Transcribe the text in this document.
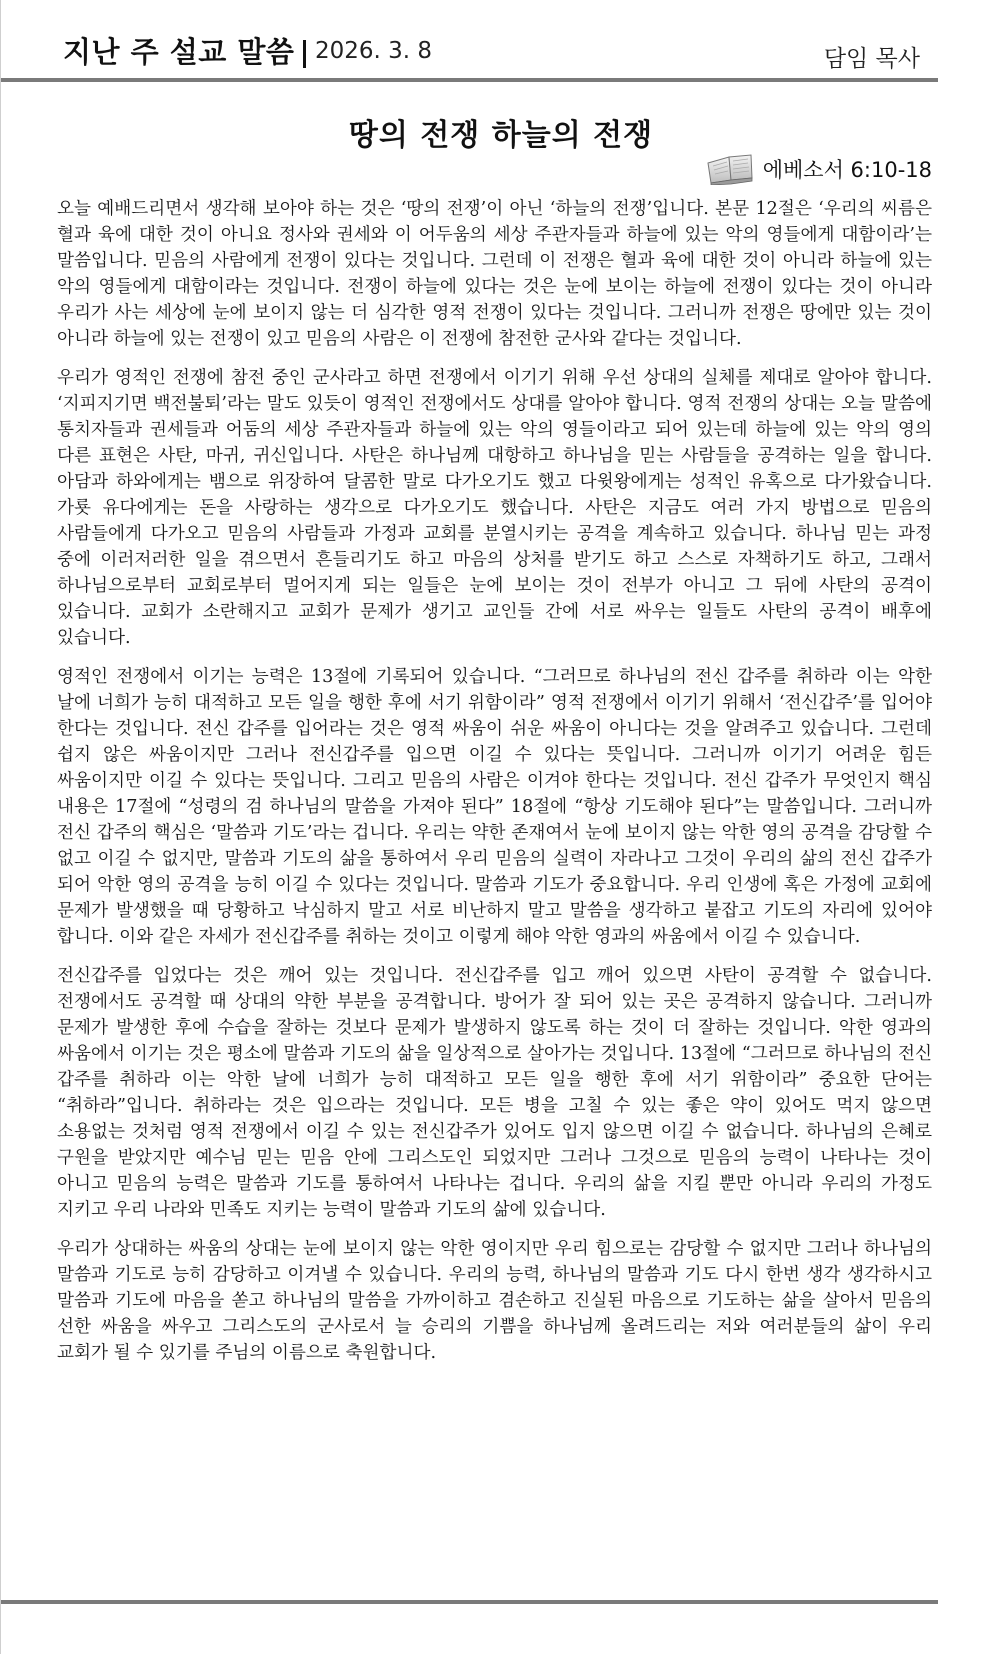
지난 주 설교 말씀 2026. 3. 8	담임 목사
땅의 전쟁 하늘의 전쟁
에베소서 6:10-18

오늘 예배드리면서 생각해 보아야 하는 것은 ‘땅의 전쟁’이 아닌 ‘하늘의 전쟁’입니다. 본문 12절은 ‘우리의 씨름은 혈과 육에 대한 것이 아니요 정사와 권세와 이 어두움의 세상 주관자들과 하늘에 있는 악의 영들에게 대함이라’는 말씀입니다. 믿음의 사람에게 전쟁이 있다는 것입니다. 그런데 이 전쟁은 혈과 육에 대한 것이 아니라 하늘에 있는 악의 영들에게 대함이라는 것입니다. 전쟁이 하늘에 있다는 것은 눈에 보이는 하늘에 전쟁이 있다는 것이 아니라 우리가 사는 세상에 눈에 보이지 않는 더 심각한 영적 전쟁이 있다는 것입니다. 그러니까 전쟁은 땅에만 있는 것이 아니라 하늘에 있는 전쟁이 있고 믿음의 사람은 이 전쟁에 참전한 군사와 같다는 것입니다.

우리가 영적인 전쟁에 참전 중인 군사라고 하면 전쟁에서 이기기 위해 우선 상대의 실체를 제대로 알아야 합니다. ‘지피지기면 백전불퇴’라는 말도 있듯이 영적인 전쟁에서도 상대를 알아야 합니다. 영적 전쟁의 상대는 오늘 말씀에 통치자들과 권세들과 어둠의 세상 주관자들과 하늘에 있는 악의 영들이라고 되어 있는데 하늘에 있는 악의 영의 다른 표현은 사탄, 마귀, 귀신입니다. 사탄은 하나님께 대항하고 하나님을 믿는 사람들을 공격하는 일을 합니다. 아담과 하와에게는 뱀으로 위장하여 달콤한 말로 다가오기도 했고 다윗왕에게는 성적인 유혹으로 다가왔습니다. 가룟 유다에게는 돈을 사랑하는 생각으로 다가오기도 했습니다. 사탄은 지금도 여러 가지 방법으로 믿음의 사람들에게 다가오고 믿음의 사람들과 가정과 교회를 분열시키는 공격을 계속하고 있습니다. 하나님 믿는 과정 중에 이러저러한 일을 겪으면서 흔들리기도 하고 마음의 상처를 받기도 하고 스스로 자책하기도 하고, 그래서 하나님으로부터 교회로부터 멀어지게 되는 일들은 눈에 보이는 것이 전부가 아니고 그 뒤에 사탄의 공격이 있습니다. 교회가 소란해지고 교회가 문제가 생기고 교인들 간에 서로 싸우는 일들도 사탄의 공격이 배후에 있습니다.

영적인 전쟁에서 이기는 능력은 13절에 기록되어 있습니다. “그러므로 하나님의 전신 갑주를 취하라 이는 악한 날에 너희가 능히 대적하고 모든 일을 행한 후에 서기 위함이라” 영적 전쟁에서 이기기 위해서 ‘전신갑주’를 입어야 한다는 것입니다. 전신 갑주를 입어라는 것은 영적 싸움이 쉬운 싸움이 아니다는 것을 알려주고 있습니다. 그런데 쉽지 않은 싸움이지만 그러나 전신갑주를 입으면 이길 수 있다는 뜻입니다. 그러니까 이기기 어려운 힘든 싸움이지만 이길 수 있다는 뜻입니다. 그리고 믿음의 사람은 이겨야 한다는 것입니다. 전신 갑주가 무엇인지 핵심 내용은 17절에 “성령의 검 하나님의 말씀을 가져야 된다” 18절에 “항상 기도해야 된다”는 말씀입니다. 그러니까 전신 갑주의 핵심은 ‘말씀과 기도’라는 겁니다. 우리는 약한 존재여서 눈에 보이지 않는 악한 영의 공격을 감당할 수 없고 이길 수 없지만, 말씀과 기도의 삶을 통하여서 우리 믿음의 실력이 자라나고 그것이 우리의 삶의 전신 갑주가 되어 악한 영의 공격을 능히 이길 수 있다는 것입니다. 말씀과 기도가 중요합니다. 우리 인생에 혹은 가정에 교회에 문제가 발생했을 때 당황하고 낙심하지 말고 서로 비난하지 말고 말씀을 생각하고 붙잡고 기도의 자리에 있어야 합니다. 이와 같은 자세가 전신갑주를 취하는 것이고 이렇게 해야 악한 영과의 싸움에서 이길 수 있습니다.

전신갑주를 입었다는 것은 깨어 있는 것입니다. 전신갑주를 입고 깨어 있으면 사탄이 공격할 수 없습니다. 전쟁에서도 공격할 때 상대의 약한 부분을 공격합니다. 방어가 잘 되어 있는 곳은 공격하지 않습니다. 그러니까 문제가 발생한 후에 수습을 잘하는 것보다 문제가 발생하지 않도록 하는 것이 더 잘하는 것입니다. 악한 영과의 싸움에서 이기는 것은 평소에 말씀과 기도의 삶을 일상적으로 살아가는 것입니다. 13절에 “그러므로 하나님의 전신 갑주를 취하라 이는 악한 날에 너희가 능히 대적하고 모든 일을 행한 후에 서기 위함이라” 중요한 단어는 “취하라”입니다. 취하라는 것은 입으라는 것입니다. 모든 병을 고칠 수 있는 좋은 약이 있어도 먹지 않으면 소용없는 것처럼 영적 전쟁에서 이길 수 있는 전신갑주가 있어도 입지 않으면 이길 수 없습니다. 하나님의 은혜로 구원을 받았지만 예수님 믿는 믿음 안에 그리스도인 되었지만 그러나 그것으로 믿음의 능력이 나타나는 것이 아니고 믿음의 능력은 말씀과 기도를 통하여서 나타나는 겁니다. 우리의 삶을 지킬 뿐만 아니라 우리의 가정도 지키고 우리 나라와 민족도 지키는 능력이 말씀과 기도의 삶에 있습니다.

우리가 상대하는 싸움의 상대는 눈에 보이지 않는 악한 영이지만 우리 힘으로는 감당할 수 없지만 그러나 하나님의 말씀과 기도로 능히 감당하고 이겨낼 수 있습니다. 우리의 능력, 하나님의 말씀과 기도 다시 한번 생각 생각하시고 말씀과 기도에 마음을 쏟고 하나님의 말씀을 가까이하고 겸손하고 진실된 마음으로 기도하는 삶을 살아서 믿음의 선한 싸움을 싸우고 그리스도의 군사로서 늘 승리의 기쁨을 하나님께 올려드리는 저와 여러분들의 삶이 우리 교회가 될 수 있기를 주님의 이름으로 축원합니다.
